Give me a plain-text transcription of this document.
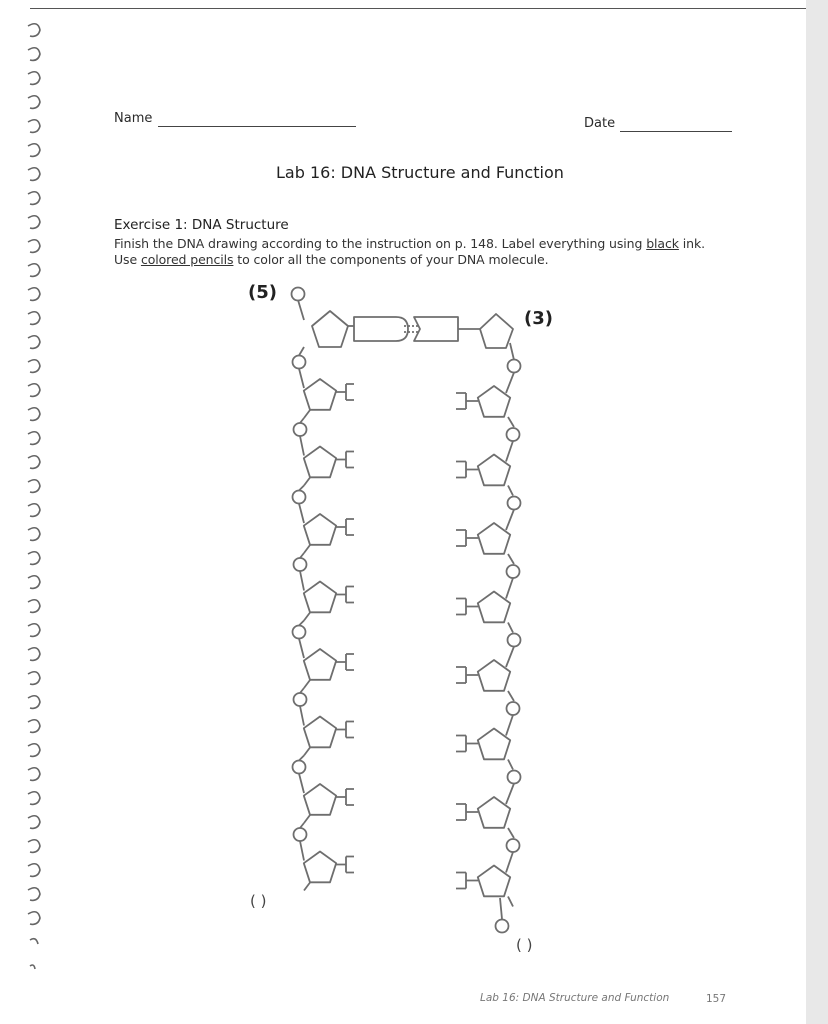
Name	Date
Lab 16: DNA Structure and Function
Exercise 1: DNA Structure
Finish the DNA drawing according to the instruction on p. 148. Label everything using black ink.
Use colored pencils to color all the components of your DNA molecule.
(5)
(3)
( )
( )
Lab 16: DNA Structure and Function	157
